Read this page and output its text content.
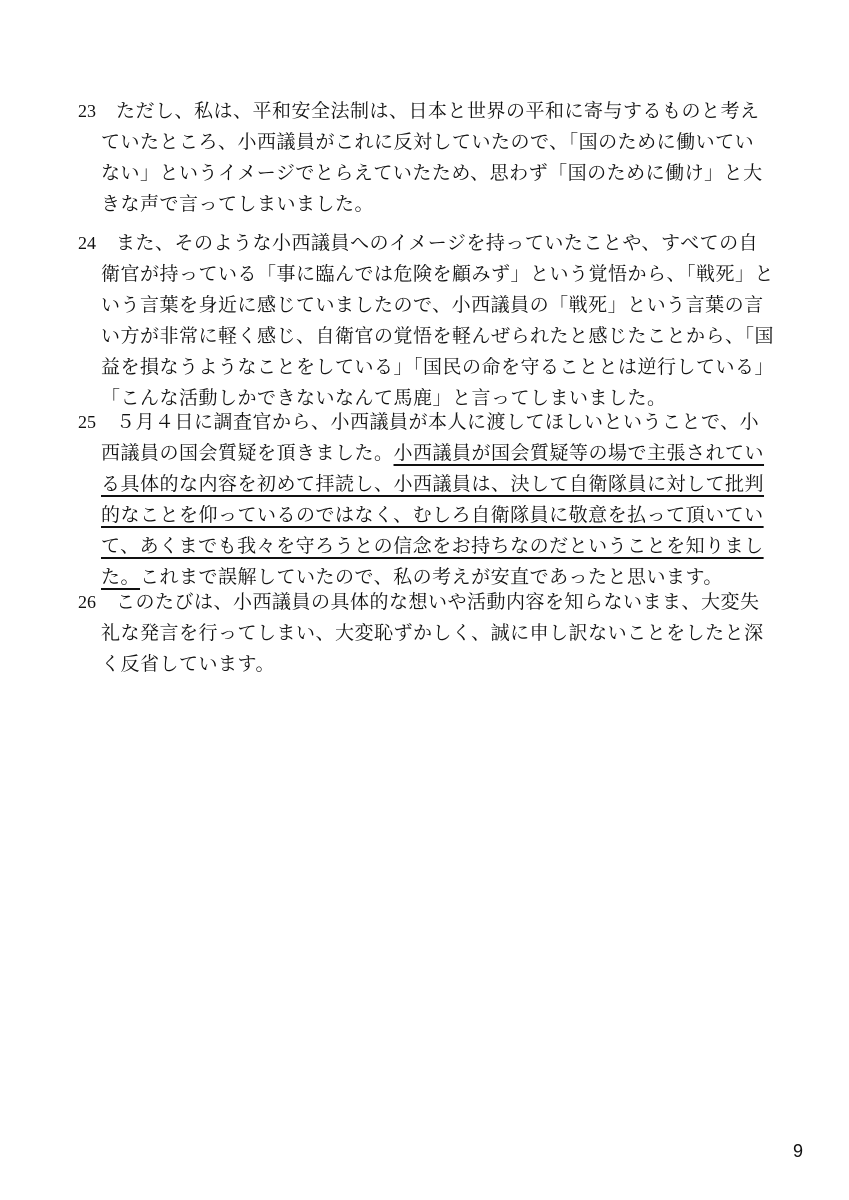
23 ただし、私は、平和安全法制は、日本と世界の平和に寄与するものと考え
ていたところ、小西議員がこれに反対していたので、「国のために働いてい
ない」というイメージでとらえていたため、思わず「国のために働け」と大
きな声で言ってしまいました。
24 また、そのような小西議員へのイメージを持っていたことや、すべての自
衛官が持っている「事に臨んでは危険を顧みず」という覚悟から、「戦死」と
いう言葉を身近に感じていましたので、小西議員の「戦死」という言葉の言
い方が非常に軽く感じ、自衛官の覚悟を軽んぜられたと感じたことから、「国
益を損なうようなことをしている」「国民の命を守ることとは逆行している」
「こんな活動しかできないなんて馬鹿」と言ってしまいました。
25 ５月４日に調査官から、小西議員が本人に渡してほしいということで、小
西議員の国会質疑を頂きました。小西議員が国会質疑等の場で主張されてい
る具体的な内容を初めて拝読し、小西議員は、決して自衛隊員に対して批判
的なことを仰っているのではなく、むしろ自衛隊員に敬意を払って頂いてい
て、あくまでも我々を守ろうとの信念をお持ちなのだということを知りまし
た。これまで誤解していたので、私の考えが安直であったと思います。
26 このたびは、小西議員の具体的な想いや活動内容を知らないまま、大変失
礼な発言を行ってしまい、大変恥ずかしく、誠に申し訳ないことをしたと深
く反省しています。
9
